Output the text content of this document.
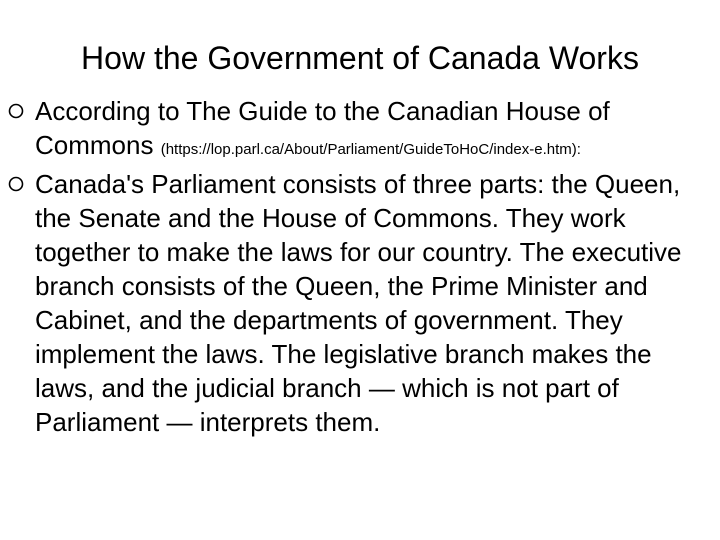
How the Government of Canada Works
According to The Guide to the Canadian House of Commons (https://lop.parl.ca/About/Parliament/GuideToHoC/index-e.htm):
Canada's Parliament consists of three parts: the Queen, the Senate and the House of Commons. They work together to make the laws for our country. The executive branch consists of the Queen, the Prime Minister and Cabinet, and the departments of government. They implement the laws. The legislative branch makes the laws, and the judicial branch — which is not part of Parliament — interprets them.
